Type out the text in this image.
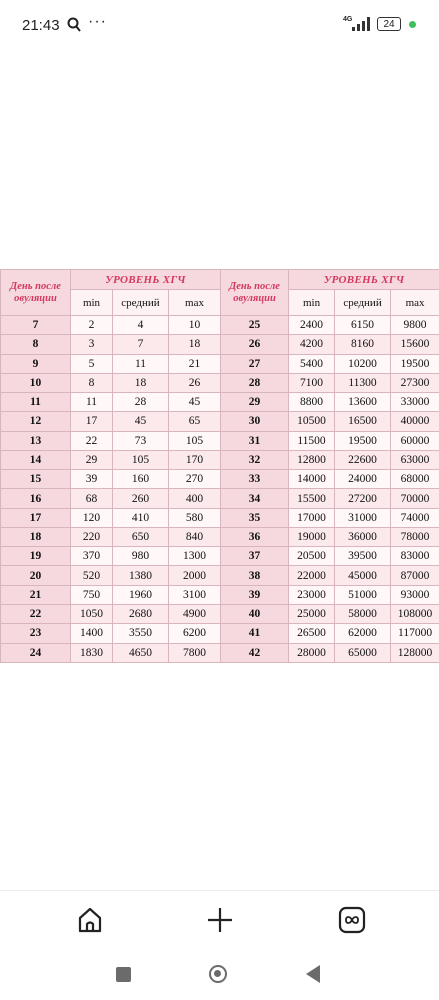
21:43 ···	4G	24
День после овуляции	УРОВЕНЬ ХГЧ			День после овуляции	УРОВЕНЬ ХГЧ		
	min	средний	max		min	средний	max
7	2	4	10	25	2400	6150	9800
8	3	7	18	26	4200	8160	15600
9	5	11	21	27	5400	10200	19500
10	8	18	26	28	7100	11300	27300
11	11	28	45	29	8800	13600	33000
12	17	45	65	30	10500	16500	40000
13	22	73	105	31	11500	19500	60000
14	29	105	170	32	12800	22600	63000
15	39	160	270	33	14000	24000	68000
16	68	260	400	34	15500	27200	70000
17	120	410	580	35	17000	31000	74000
18	220	650	840	36	19000	36000	78000
19	370	980	1300	37	20500	39500	83000
20	520	1380	2000	38	22000	45000	87000
21	750	1960	3100	39	23000	51000	93000
22	1050	2680	4900	40	25000	58000	108000
23	1400	3550	6200	41	26500	62000	117000
24	1830	4650	7800	42	28000	65000	128000
